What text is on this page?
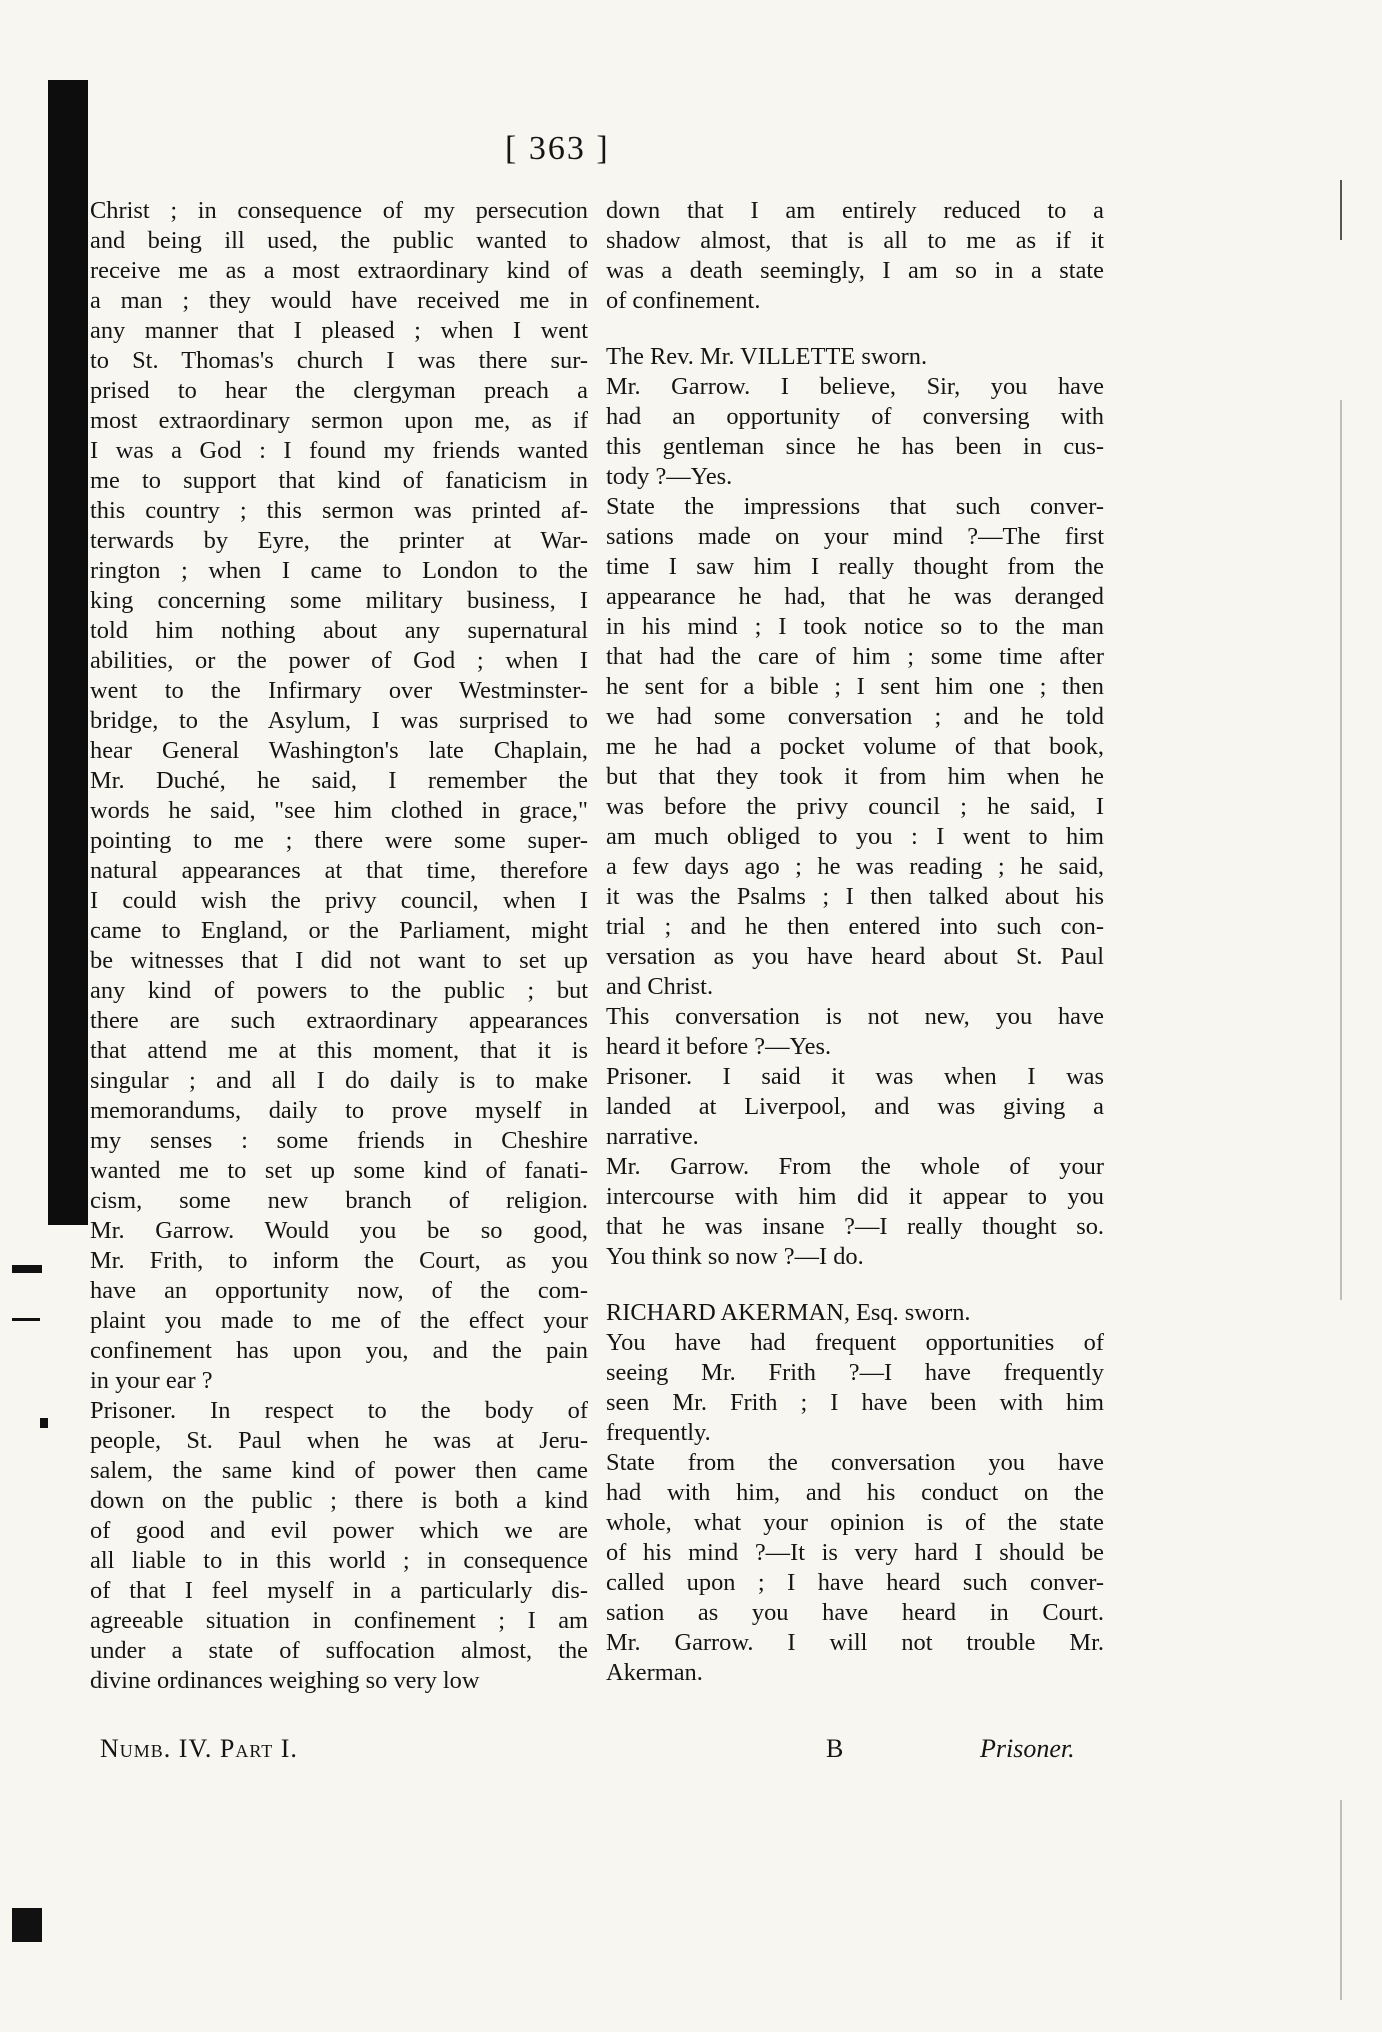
[ 363 ]
Christ ; in consequence of my persecution
and being ill used, the public wanted to
receive me as a most extraordinary kind of
a man ; they would have received me in
any manner that I pleased ; when I went
to St. Thomas's church I was there sur-
prised to hear the clergyman preach a
most extraordinary sermon upon me, as if
I was a God : I found my friends wanted
me to support that kind of fanaticism in
this country ; this sermon was printed af-
terwards by Eyre, the printer at War-
rington ; when I came to London to the
king concerning some military business, I
told him nothing about any supernatural
abilities, or the power of God ; when I
went to the Infirmary over Westminster-
bridge, to the Asylum, I was surprised to
hear General Washington's late Chaplain,
Mr. Duché, he said, I remember the
words he said, "see him clothed in grace,"
pointing to me ; there were some super-
natural appearances at that time, therefore
I could wish the privy council, when I
came to England, or the Parliament, might
be witnesses that I did not want to set up
any kind of powers to the public ; but
there are such extraordinary appearances
that attend me at this moment, that it is
singular ; and all I do daily is to make
memorandums, daily to prove myself in
my senses : some friends in Cheshire
wanted me to set up some kind of fanati-
cism, some new branch of religion.
Mr. Garrow. Would you be so good,
Mr. Frith, to inform the Court, as you
have an opportunity now, of the com-
plaint you made to me of the effect your
confinement has upon you, and the pain
in your ear ?
Prisoner. In respect to the body of
people, St. Paul when he was at Jeru-
salem, the same kind of power then came
down on the public ; there is both a kind
of good and evil power which we are
all liable to in this world ; in consequence
of that I feel myself in a particularly dis-
agreeable situation in confinement ; I am
under a state of suffocation almost, the
divine ordinances weighing so very low
down that I am entirely reduced to a
shadow almost, that is all to me as if it
was a death seemingly, I am so in a state
of confinement.
The Rev. Mr. VILLETTE sworn.
Mr. Garrow. I believe, Sir, you have
had an opportunity of conversing with
this gentleman since he has been in cus-
tody ?—Yes.
State the impressions that such conver-
sations made on your mind ?—The first
time I saw him I really thought from the
appearance he had, that he was deranged
in his mind ; I took notice so to the man
that had the care of him ; some time after
he sent for a bible ; I sent him one ; then
we had some conversation ; and he told
me he had a pocket volume of that book,
but that they took it from him when he
was before the privy council ; he said, I
am much obliged to you : I went to him
a few days ago ; he was reading ; he said,
it was the Psalms ; I then talked about his
trial ; and he then entered into such con-
versation as you have heard about St. Paul
and Christ.
This conversation is not new, you have
heard it before ?—Yes.
Prisoner. I said it was when I was
landed at Liverpool, and was giving a
narrative.
Mr. Garrow. From the whole of your
intercourse with him did it appear to you
that he was insane ?—I really thought so.
You think so now ?—I do.
RICHARD AKERMAN, Esq. sworn.
You have had frequent opportunities of
seeing Mr. Frith ?—I have frequently
seen Mr. Frith ; I have been with him
frequently.
State from the conversation you have
had with him, and his conduct on the
whole, what your opinion is of the state
of his mind ?—It is very hard I should be
called upon ; I have heard such conver-
sation as you have heard in Court.
Mr. Garrow. I will not trouble Mr.
Akerman.
Numb. IV. Part I.	B	Prisoner.
